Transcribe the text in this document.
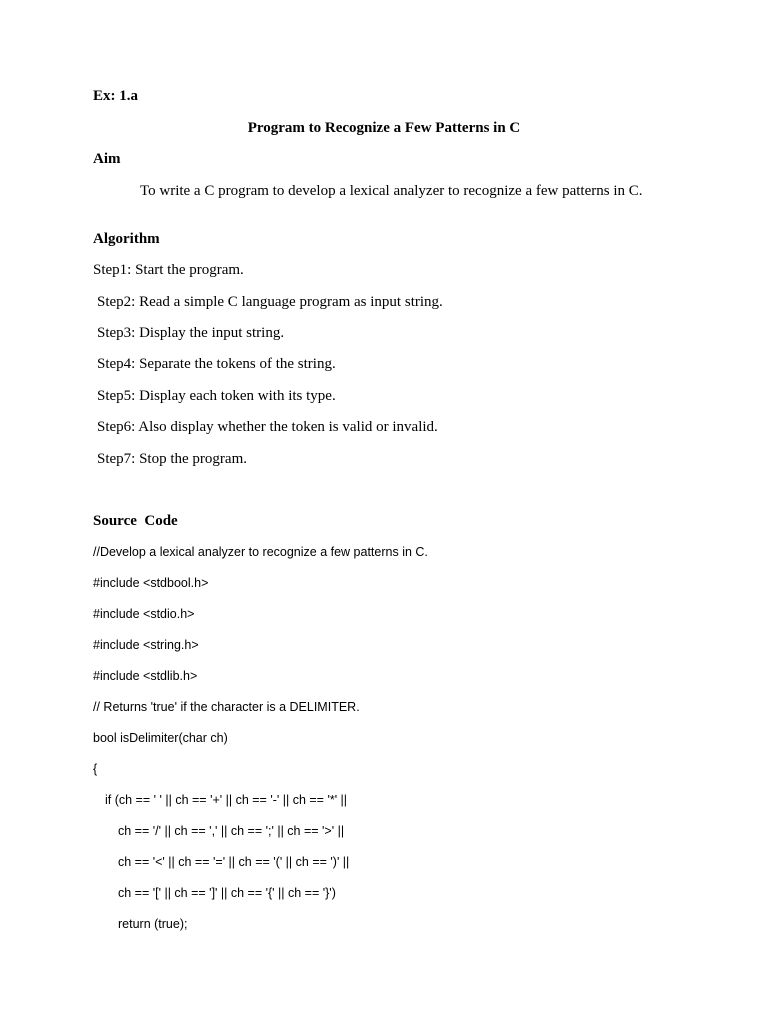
Ex: 1.a
Program to Recognize a Few Patterns in C
Aim
To write a C program to develop a lexical analyzer to recognize a few patterns in C.
Algorithm
Step1: Start the program.
Step2: Read a simple C language program as input string.
Step3: Display the input string.
Step4: Separate the tokens of the string.
Step5: Display each token with its type.
Step6: Also display whether the token is valid or invalid.
Step7: Stop the program.
Source  Code
//Develop a lexical analyzer to recognize a few patterns in C.
#include <stdbool.h>
#include <stdio.h>
#include <string.h>
#include <stdlib.h>
// Returns 'true' if the character is a DELIMITER.
bool isDelimiter(char ch)
{
if (ch == ' ' || ch == '+' || ch == '-' || ch == '*' ||
ch == '/' || ch == ',' || ch == ';' || ch == '>' ||
ch == '<' || ch == '=' || ch == '(' || ch == ')' ||
ch == '[' || ch == ']' || ch == '{' || ch == '}')
return (true);
